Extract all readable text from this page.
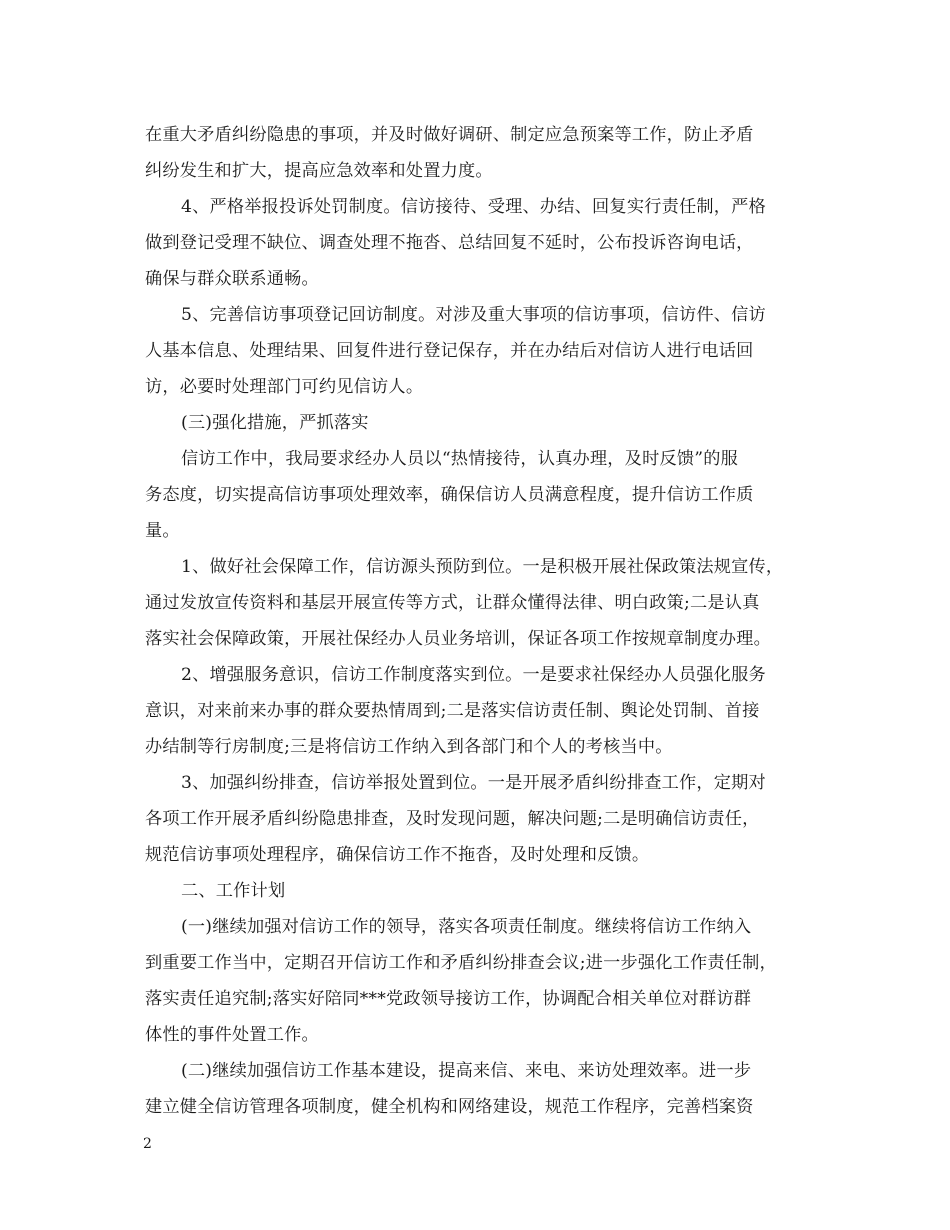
在重大矛盾纠纷隐患的事项，并及时做好调研、制定应急预案等工作，防止矛盾
纠纷发生和扩大，提高应急效率和处置力度。
4、严格举报投诉处罚制度。信访接待、受理、办结、回复实行责任制，严格
做到登记受理不缺位、调查处理不拖沓、总结回复不延时，公布投诉咨询电话，
确保与群众联系通畅。
5、完善信访事项登记回访制度。对涉及重大事项的信访事项，信访件、信访
人基本信息、处理结果、回复件进行登记保存，并在办结后对信访人进行电话回
访，必要时处理部门可约见信访人。
(三)强化措施，严抓落实
信访工作中，我局要求经办人员以“热情接待，认真办理，及时反馈”的服
务态度，切实提高信访事项处理效率，确保信访人员满意程度，提升信访工作质
量。
1、做好社会保障工作，信访源头预防到位。一是积极开展社保政策法规宣传，
通过发放宣传资料和基层开展宣传等方式，让群众懂得法律、明白政策;二是认真
落实社会保障政策，开展社保经办人员业务培训，保证各项工作按规章制度办理。
2、增强服务意识，信访工作制度落实到位。一是要求社保经办人员强化服务
意识，对来前来办事的群众要热情周到;二是落实信访责任制、舆论处罚制、首接
办结制等行房制度;三是将信访工作纳入到各部门和个人的考核当中。
3、加强纠纷排查，信访举报处置到位。一是开展矛盾纠纷排查工作，定期对
各项工作开展矛盾纠纷隐患排查，及时发现问题，解决问题;二是明确信访责任，
规范信访事项处理程序，确保信访工作不拖沓，及时处理和反馈。
二、工作计划
(一)继续加强对信访工作的领导，落实各项责任制度。继续将信访工作纳入
到重要工作当中，定期召开信访工作和矛盾纠纷排查会议;进一步强化工作责任制，
落实责任追究制;落实好陪同***党政领导接访工作，协调配合相关单位对群访群
体性的事件处置工作。
(二)继续加强信访工作基本建设，提高来信、来电、来访处理效率。进一步
建立健全信访管理各项制度，健全机构和网络建设，规范工作程序，完善档案资
2
